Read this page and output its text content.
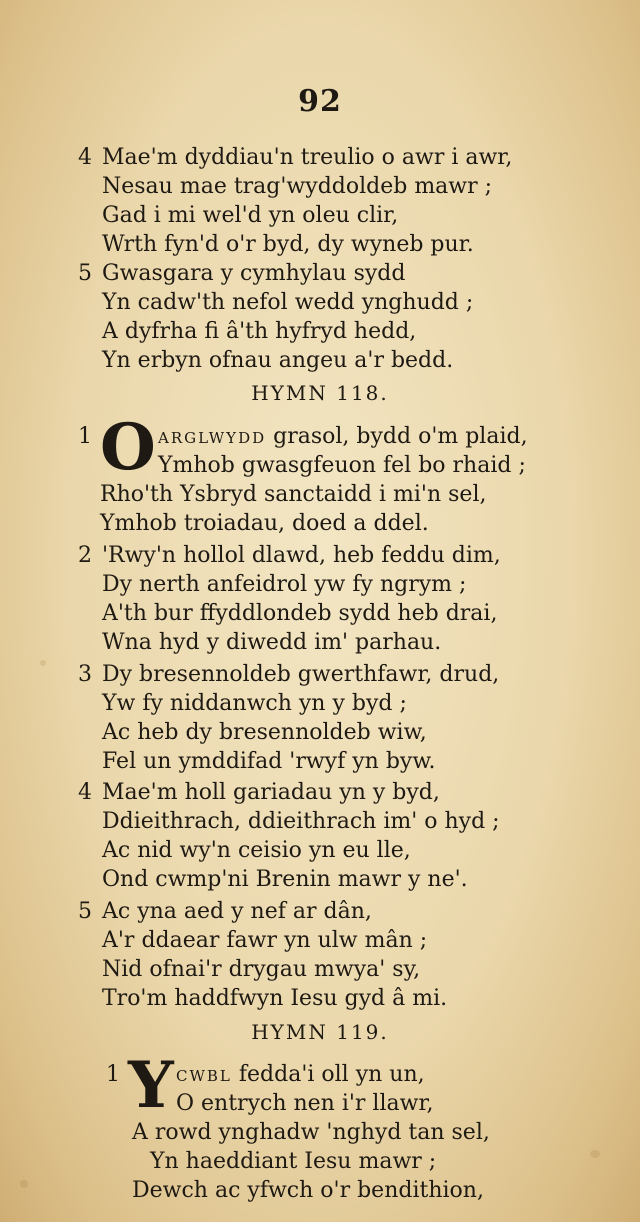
92
4 Mae'm dyddiau'n treulio o awr i awr,
Nesau mae trag'wyddoldeb mawr ;
Gad i mi wel'd yn oleu clir,
Wrth fyn'd o'r byd, dy wyneb pur.
5 Gwasgara y cymhylau sydd
Yn cadw'th nefol wedd ynghudd ;
A dyfrha fi â'th hyfryd hedd,
Yn erbyn ofnau angeu a'r bedd.
HYMN 118.
1 O ARGLWYDD grasol, bydd o'm plaid,
Ymhob gwasgfeuon fel bo rhaid ;
Rho'th Ysbryd sanctaidd i mi'n sel,
Ymhob troiadau, doed a ddel.
2 'Rwy'n hollol dlawd, heb feddu dim,
Dy nerth anfeidrol yw fy ngrym ;
A'th bur ffyddlondeb sydd heb drai,
Wna hyd y diwedd im' parhau.
3 Dy bresennoldeb gwerthfawr, drud,
Yw fy niddanwch yn y byd ;
Ac heb dy bresennoldeb wiw,
Fel un ymddifad 'rwyf yn byw.
4 Mae'm holl gariadau yn y byd,
Ddieithrach, ddieithrach im' o hyd ;
Ac nid wy'n ceisio yn eu lle,
Ond cwmp'ni Brenin mawr y ne'.
5 Ac yna aed y nef ar dân,
A'r ddaear fawr yn ulw mân ;
Nid ofnai'r drygau mwya' sy,
Tro'm haddfwyn Iesu gyd â mi.
HYMN 119.
1 Y CWBL fedda'i oll yn un,
O entrych nen i'r llawr,
A rowd ynghadw 'nghyd tan sel,
Yn haeddiant Iesu mawr ;
Dewch ac yfwch o'r bendithion,
